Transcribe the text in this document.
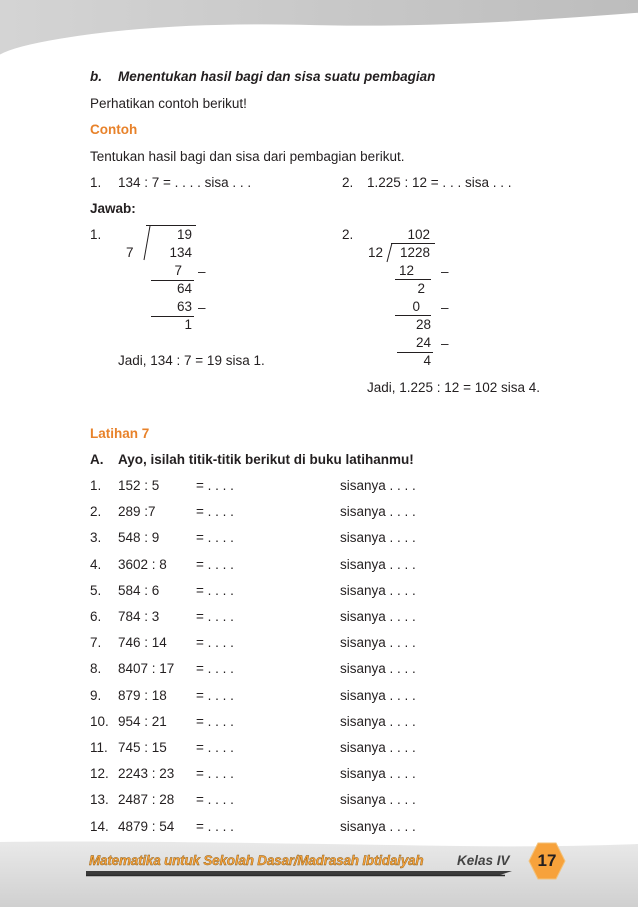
b. Menentukan hasil bagi dan sisa suatu pembagian
Perhatikan contoh berikut!
Contoh
Tentukan hasil bagi dan sisa dari pembagian berikut.
1. 134 : 7 = . . . . sisa . . .	2. 1.225 : 12 = . . . sisa . . .
Jawab:
1.	19
7	134
7 –
64
63 –
1
Jadi, 134 : 7 = 19 sisa 1.
2.	102
12	1228
12 –
2
0 –
28
24 –
4
Jadi, 1.225 : 12 = 102 sisa 4.
Latihan 7
A. Ayo, isilah titik-titik berikut di buku latihanmu!
1. 152 : 5	= . . . .	sisanya . . . .
2. 289 :7	= . . . .	sisanya . . . .
3. 548 : 9	= . . . .	sisanya . . . .
4. 3602 : 8 = . . . .	sisanya . . . .
5. 584 : 6	= . . . .	sisanya . . . .
6. 784 : 3	= . . . .	sisanya . . . .
7. 746 : 14 = . . . .	sisanya . . . .
8. 8407 : 17 = . . . .	sisanya . . . .
9. 879 : 18 = . . . .	sisanya . . . .
10. 954 : 21 = . . . .	sisanya . . . .
11. 745 : 15 = . . . .	sisanya . . . .
12. 2243 : 23 = . . . .	sisanya . . . .
13. 2487 : 28 = . . . .	sisanya . . . .
14. 4879 : 54 = . . . .	sisanya . . . .
Matematika untuk Sekolah Dasar/Madrasah Ibtidaiyah Kelas IV	17
